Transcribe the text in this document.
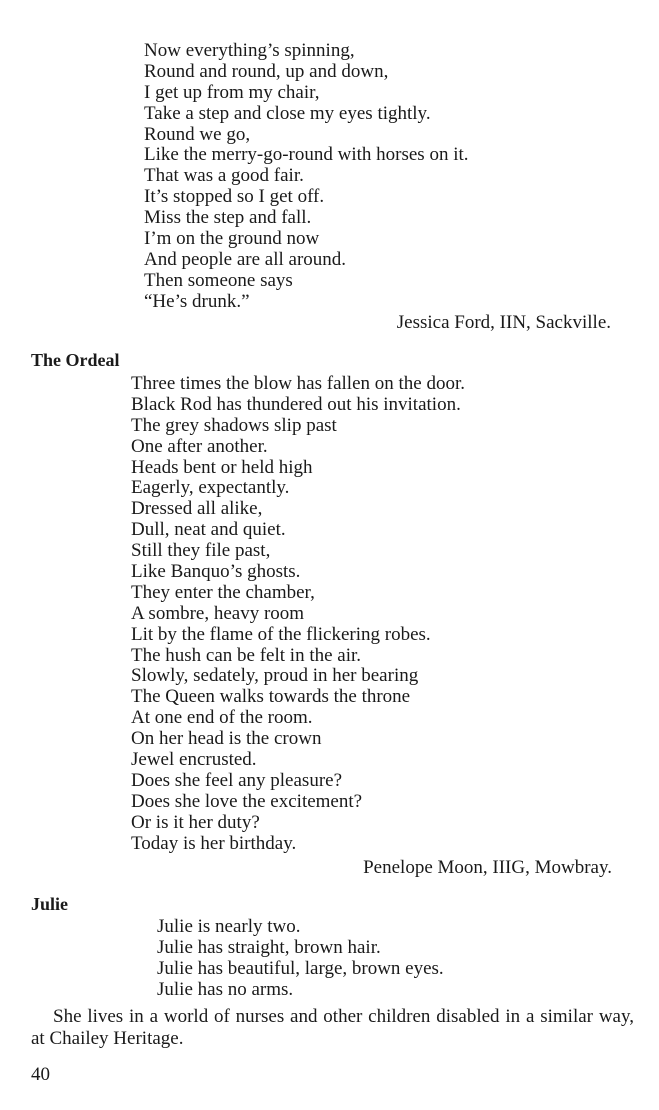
Now everything’s spinning,
Round and round, up and down,
I get up from my chair,
Take a step and close my eyes tightly.
Round we go,
Like the merry-go-round with horses on it.
That was a good fair.
It’s stopped so I get off.
Miss the step and fall.
I’m on the ground now
And people are all around.
Then someone says
“He’s drunk.”
Jessica Ford, IIN, Sackville.
The Ordeal
Three times the blow has fallen on the door.
Black Rod has thundered out his invitation.
The grey shadows slip past
One after another.
Heads bent or held high
Eagerly, expectantly.
Dressed all alike,
Dull, neat and quiet.
Still they file past,
Like Banquo’s ghosts.
They enter the chamber,
A sombre, heavy room
Lit by the flame of the flickering robes.
The hush can be felt in the air.
Slowly, sedately, proud in her bearing
The Queen walks towards the throne
At one end of the room.
On her head is the crown
Jewel encrusted.
Does she feel any pleasure?
Does she love the excitement?
Or is it her duty?
Today is her birthday.
Penelope Moon, IIIG, Mowbray.
Julie
Julie is nearly two.
Julie has straight, brown hair.
Julie has beautiful, large, brown eyes.
Julie has no arms.

She lives in a world of nurses and other children disabled in a similar way, at Chailey Heritage.

40
